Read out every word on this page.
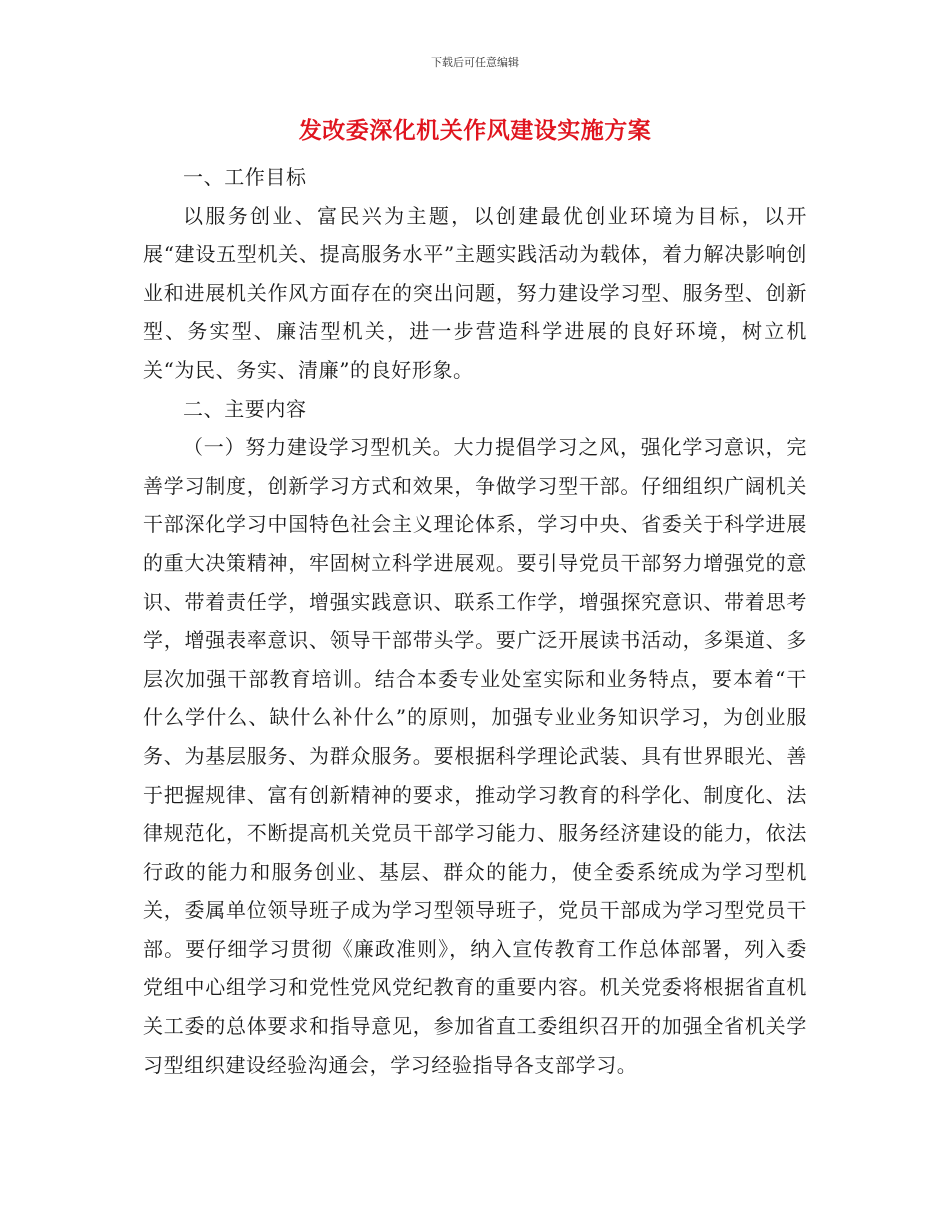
下载后可任意编辑
发改委深化机关作风建设实施方案

一、工作目标

以服务创业、富民兴为主题，以创建最优创业环境为目标，以开展“建设五型机关、提高服务水平”主题实践活动为载体，着力解决影响创业和进展机关作风方面存在的突出问题，努力建设学习型、服务型、创新型、务实型、廉洁型机关，进一步营造科学进展的良好环境，树立机关“为民、务实、清廉”的良好形象。

二、主要内容

（一）努力建设学习型机关。大力提倡学习之风，强化学习意识，完善学习制度，创新学习方式和效果，争做学习型干部。仔细组织广阔机关干部深化学习中国特色社会主义理论体系，学习中央、省委关于科学进展的重大决策精神，牢固树立科学进展观。要引导党员干部努力增强党的意识、带着责任学，增强实践意识、联系工作学，增强探究意识、带着思考学，增强表率意识、领导干部带头学。要广泛开展读书活动，多渠道、多层次加强干部教育培训。结合本委专业处室实际和业务特点，要本着“干什么学什么、缺什么补什么”的原则，加强专业业务知识学习，为创业服务、为基层服务、为群众服务。要根据科学理论武装、具有世界眼光、善于把握规律、富有创新精神的要求，推动学习教育的科学化、制度化、法律规范化，不断提高机关党员干部学习能力、服务经济建设的能力，依法行政的能力和服务创业、基层、群众的能力，使全委系统成为学习型机关，委属单位领导班子成为学习型领导班子，党员干部成为学习型党员干部。要仔细学习贯彻《廉政准则》，纳入宣传教育工作总体部署，列入委党组中心组学习和党性党风党纪教育的重要内容。机关党委将根据省直机关工委的总体要求和指导意见，参加省直工委组织召开的加强全省机关学习型组织建设经验沟通会，学习经验指导各支部学习。
